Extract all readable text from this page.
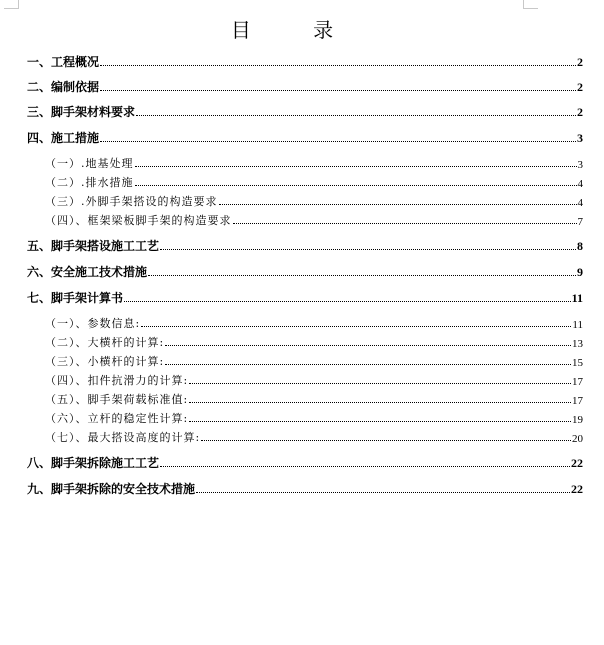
目 录
一、工程概况	2
二、编制依据	2
三、脚手架材料要求	2
四、施工措施	3
（一）.地基处理	3
（二）.排水措施	4
（三）.外脚手架搭设的构造要求	4
（四）、框架梁板脚手架的构造要求	7
五、脚手架搭设施工工艺	8
六、安全施工技术措施	9
七、脚手架计算书	11
（一）、参数信息:	11
（二）、大横杆的计算:	13
（三）、小横杆的计算:	15
（四）、扣件抗滑力的计算:	17
（五）、脚手架荷载标准值:	17
（六）、立杆的稳定性计算:	19
（七）、最大搭设高度的计算:	20
八、脚手架拆除施工工艺	22
九、脚手架拆除的安全技术措施	22
